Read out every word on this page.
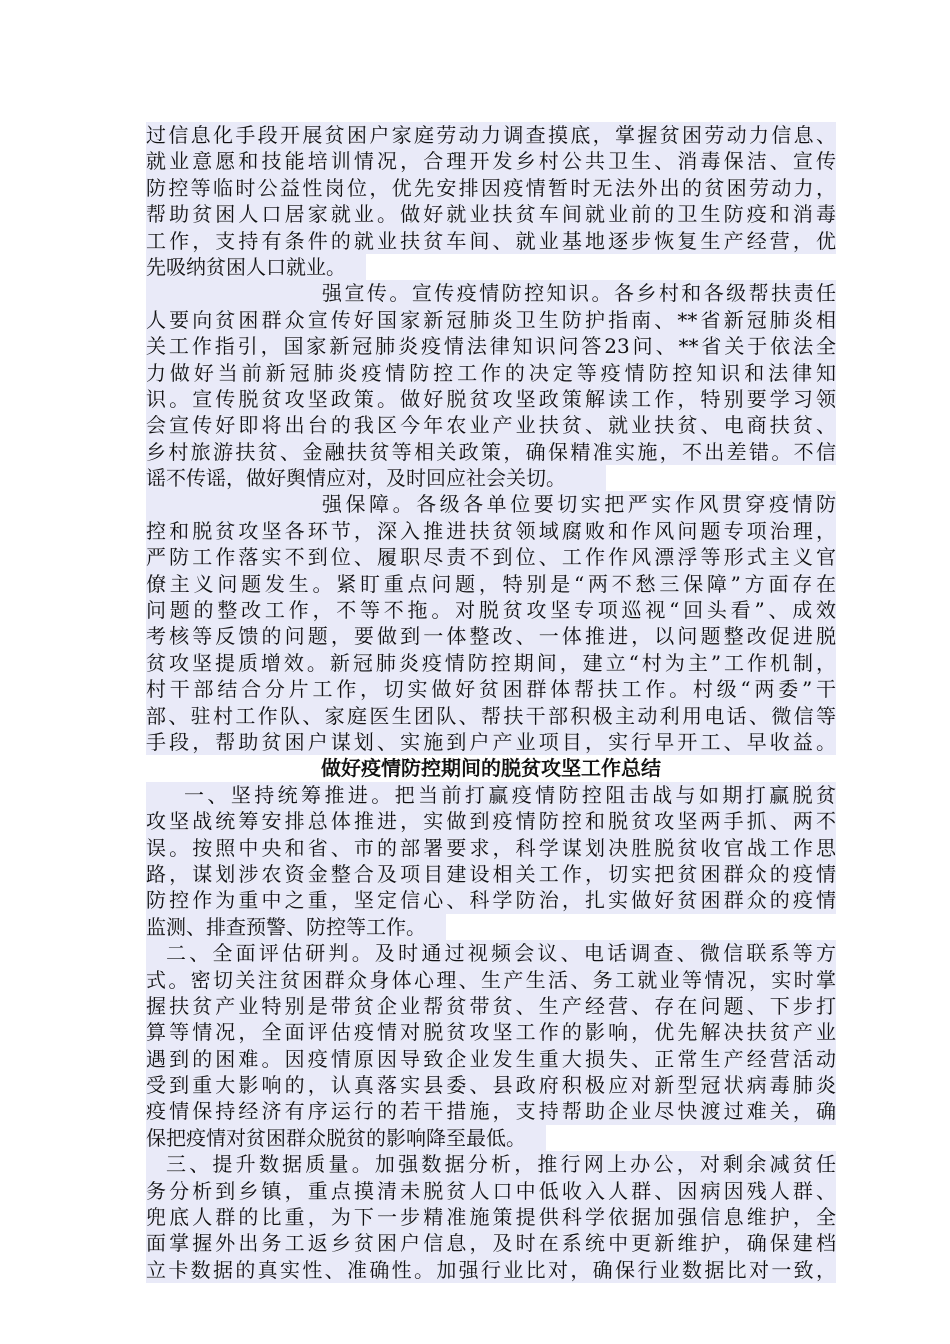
过信息化手段开展贫困户家庭劳动力调查摸底，掌握贫困劳动力信息、
就业意愿和技能培训情况，合理开发乡村公共卫生、消毒保洁、宣传
防控等临时公益性岗位，优先安排因疫情暂时无法外出的贫困劳动力，
帮助贫困人口居家就业。做好就业扶贫车间就业前的卫生防疫和消毒
工作，支持有条件的就业扶贫车间、就业基地逐步恢复生产经营，优
先吸纳贫困人口就业。
强宣传。宣传疫情防控知识。各乡村和各级帮扶责任
人要向贫困群众宣传好国家新冠肺炎卫生防护指南、**省新冠肺炎相
关工作指引，国家新冠肺炎疫情法律知识问答23问、**省关于依法全
力做好当前新冠肺炎疫情防控工作的决定等疫情防控知识和法律知
识。宣传脱贫攻坚政策。做好脱贫攻坚政策解读工作，特别要学习领
会宣传好即将出台的我区今年农业产业扶贫、就业扶贫、电商扶贫、
乡村旅游扶贫、金融扶贫等相关政策，确保精准实施，不出差错。不信
谣不传谣，做好舆情应对，及时回应社会关切。
强保障。各级各单位要切实把严实作风贯穿疫情防
控和脱贫攻坚各环节，深入推进扶贫领域腐败和作风问题专项治理，
严防工作落实不到位、履职尽责不到位、工作作风漂浮等形式主义官
僚主义问题发生。紧盯重点问题，特别是“两不愁三保障”方面存在
问题的整改工作，不等不拖。对脱贫攻坚专项巡视“回头看”、成效
考核等反馈的问题，要做到一体整改、一体推进，以问题整改促进脱
贫攻坚提质增效。新冠肺炎疫情防控期间，建立“村为主”工作机制，
村干部结合分片工作，切实做好贫困群体帮扶工作。村级“两委”干
部、驻村工作队、家庭医生团队、帮扶干部积极主动利用电话、微信等
手段，帮助贫困户谋划、实施到户产业项目，实行早开工、早收益。
做好疫情防控期间的脱贫攻坚工作总结
一、坚持统筹推进。把当前打赢疫情防控阻击战与如期打赢脱贫
攻坚战统筹安排总体推进，实做到疫情防控和脱贫攻坚两手抓、两不
误。按照中央和省、市的部署要求，科学谋划决胜脱贫收官战工作思
路，谋划涉农资金整合及项目建设相关工作，切实把贫困群众的疫情
防控作为重中之重，坚定信心、科学防治，扎实做好贫困群众的疫情
监测、排查预警、防控等工作。
二、全面评估研判。及时通过视频会议、电话调查、微信联系等方
式。密切关注贫困群众身体心理、生产生活、务工就业等情况，实时掌
握扶贫产业特别是带贫企业帮贫带贫、生产经营、存在问题、下步打
算等情况，全面评估疫情对脱贫攻坚工作的影响，优先解决扶贫产业
遇到的困难。因疫情原因导致企业发生重大损失、正常生产经营活动
受到重大影响的，认真落实县委、县政府积极应对新型冠状病毒肺炎
疫情保持经济有序运行的若干措施，支持帮助企业尽快渡过难关，确
保把疫情对贫困群众脱贫的影响降至最低。
三、提升数据质量。加强数据分析，推行网上办公，对剩余减贫任
务分析到乡镇，重点摸清未脱贫人口中低收入人群、因病因残人群、
兜底人群的比重，为下一步精准施策提供科学依据加强信息维护，全
面掌握外出务工返乡贫困户信息，及时在系统中更新维护，确保建档
立卡数据的真实性、准确性。加强行业比对，确保行业数据比对一致，
